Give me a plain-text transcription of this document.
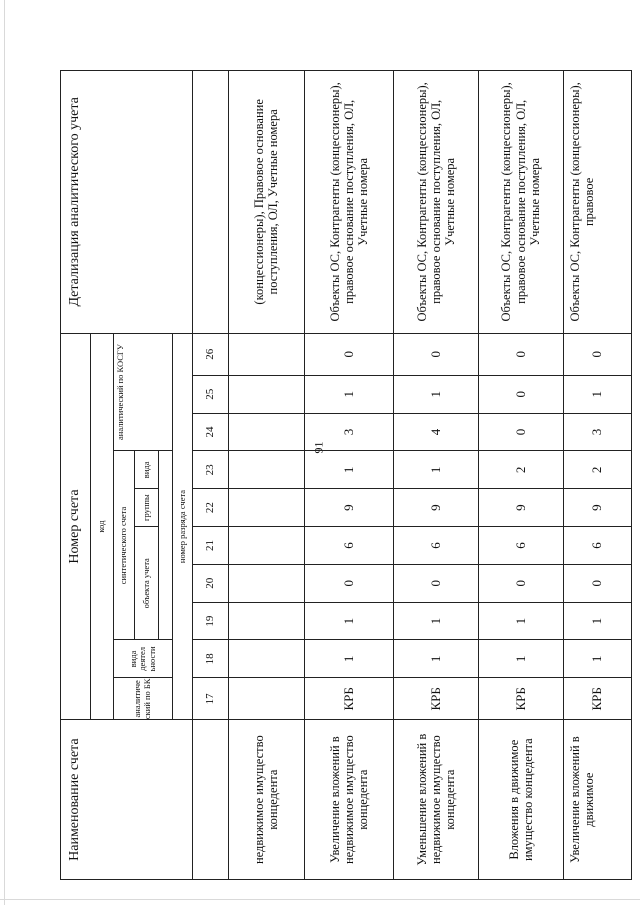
91
Наименование счета	Номер счета										Детализация аналитического учета
	код										
	аналитиче ский по БК	вида деятел ьности	синтетического счета					аналитический по КОСГУ			
			объекта учета			группы	вида				

	номер разряда счета										
	17	18	19	20	21	22	23	24	25	26	
недвижимое имущество концедента											(концессионеры), Правовое основание поступления, ОЛ, Учетные номера
Увеличение вложений в недвижимое имущество концедента	КРБ	1	1	0	6	9	1	3	1	0	Объекты ОС, Контрагенты (концессионеры), правовое основание поступления, ОЛ, Учетные номера
Уменьшение вложений в недвижимое имущество концедента	КРБ	1	1	0	6	9	1	4	1	0	Объекты ОС, Контрагенты (концессионеры), правовое основание поступления, ОЛ, Учетные номера
Вложения в движимое имущество концедента	КРБ	1	1	0	6	9	2	0	0	0	Объекты ОС, Контрагенты (концессионеры), правовое основание поступления, ОЛ, Учетные номера
Увеличение вложений в движимое	КРБ	1	1	0	6	9	2	3	1	0	Объекты ОС, Контрагенты (концессионеры), правовое
